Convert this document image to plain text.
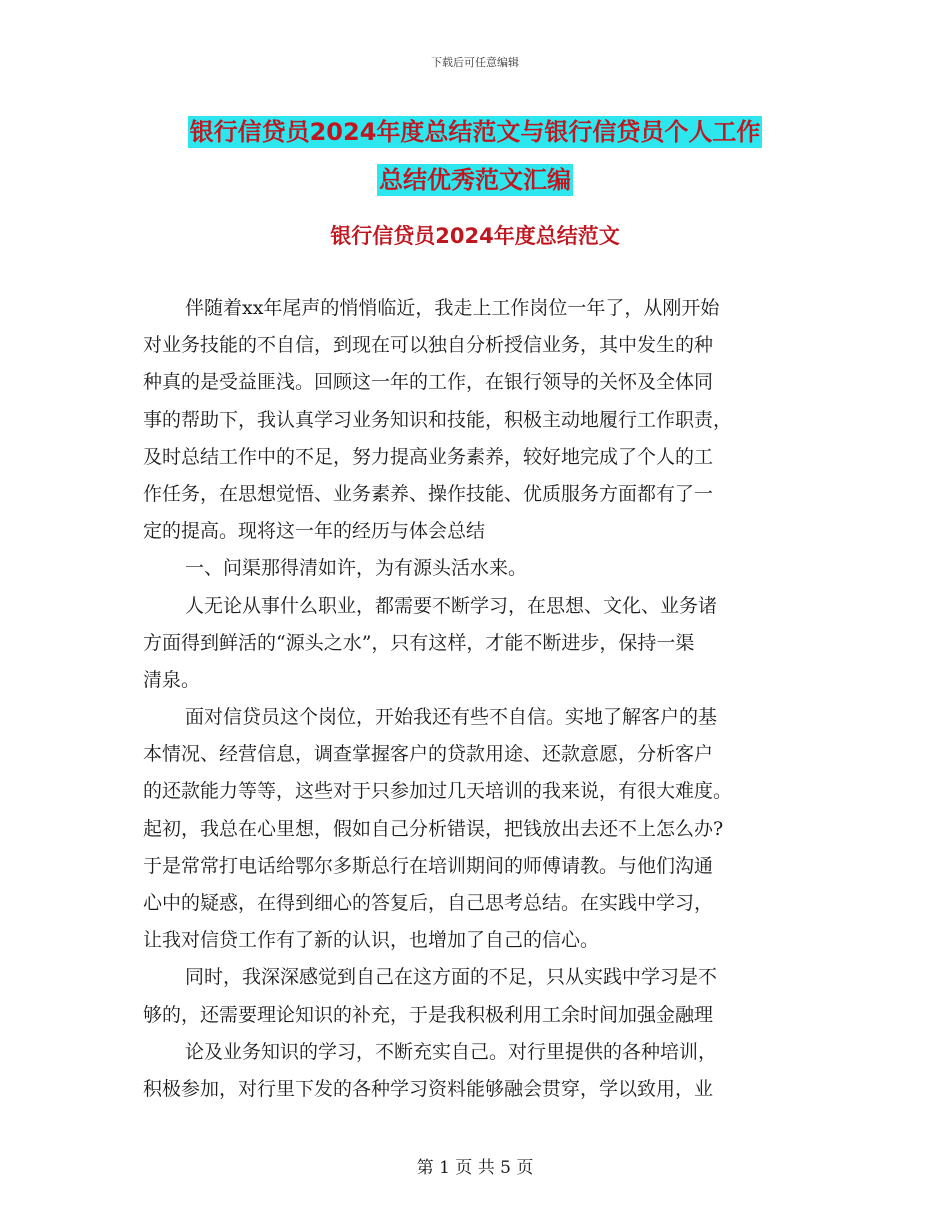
下载后可任意编辑
银行信贷员2024年度总结范文与银行信贷员个人工作
总结优秀范文汇编
银行信贷员2024年度总结范文
伴随着xx年尾声的悄悄临近，我走上工作岗位一年了，从刚开始
对业务技能的不自信，到现在可以独自分析授信业务，其中发生的种
种真的是受益匪浅。回顾这一年的工作，在银行领导的关怀及全体同
事的帮助下，我认真学习业务知识和技能，积极主动地履行工作职责，
及时总结工作中的不足，努力提高业务素养，较好地完成了个人的工
作任务，在思想觉悟、业务素养、操作技能、优质服务方面都有了一
定的提高。现将这一年的经历与体会总结
一、问渠那得清如许，为有源头活水来。
人无论从事什么职业，都需要不断学习，在思想、文化、业务诸
方面得到鲜活的“源头之水”，只有这样，才能不断进步，保持一渠
清泉。
面对信贷员这个岗位，开始我还有些不自信。实地了解客户的基
本情况、经营信息，调查掌握客户的贷款用途、还款意愿，分析客户
的还款能力等等，这些对于只参加过几天培训的我来说，有很大难度。
起初，我总在心里想，假如自己分析错误，把钱放出去还不上怎么办?
于是常常打电话给鄂尔多斯总行在培训期间的师傅请教。与他们沟通
心中的疑惑，在得到细心的答复后，自己思考总结。在实践中学习，
让我对信贷工作有了新的认识，也增加了自己的信心。
同时，我深深感觉到自己在这方面的不足，只从实践中学习是不
够的，还需要理论知识的补充，于是我积极利用工余时间加强金融理
论及业务知识的学习，不断充实自己。对行里提供的各种培训，
积极参加，对行里下发的各种学习资料能够融会贯穿，学以致用，业
第 1 页 共 5 页
